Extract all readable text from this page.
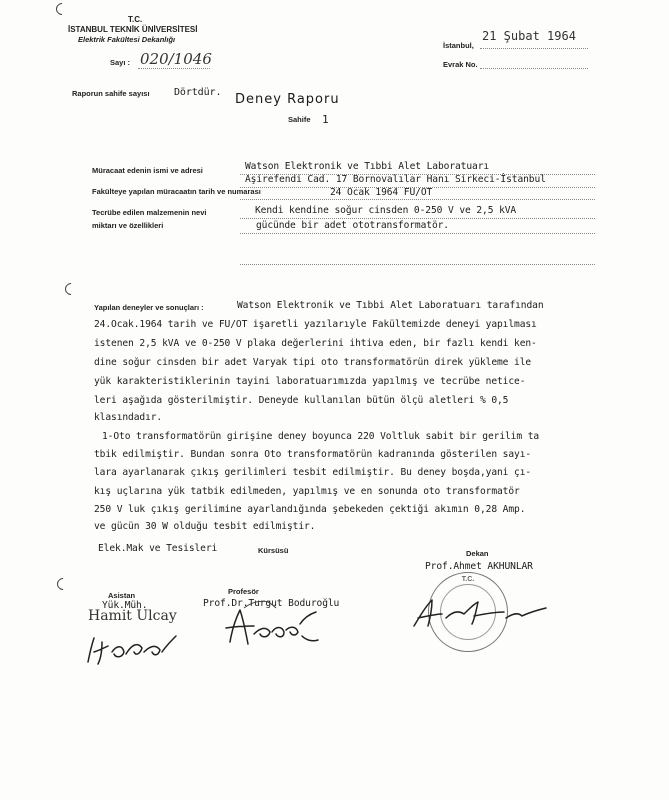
T.C.
İSTANBUL TEKNİK ÜNİVERSİTESİ
Elektrik Fakültesi Dekanlığı
Sayı : 020/1046
İstanbul,
21 Şubat 1964
Evrak No.
Raporun sahife sayısı Dörtdür. Deney Raporu
Sahife 1
Müracaat edenin ismi ve adresi	Watson Elektronik ve Tıbbi Alet Laboratuarı
Aşirefendi Cad. 17 Bornovalılar Hanı Sirkeci-İstanbul
Fakülteye yapılan müracaatın tarih ve numarası	24 Ocak 1964 FU/OT
Tecrübe edilen malzemenin nevi
miktarı ve özellikleri
Kendi kendine soğur cinsden 0-250 V ve 2,5 kVA
gücünde bir adet ototransformatör.
Yapılan deneyler ve sonuçları :	Watson Elektronik ve Tıbbi Alet Laboratuarı tarafından
24.Ocak.1964 tarih ve FU/OT işaretli yazılarıyle Fakültemizde deneyi yapılması
istenen 2,5 kVA ve 0-250 V plaka değerlerini ihtiva eden, bir fazlı kendi ken-
dine soğur cinsden bir adet Varyak tipi oto transformatörün direk yükleme ile
yük karakteristiklerinin tayini laboratuarımızda yapılmış ve tecrübe netice-
leri aşağıda gösterilmiştir. Deneyde kullanılan bütün ölçü aletleri % 0,5
klasındadır.
1-Oto transformatörün girişine deney boyunca 220 Voltluk sabit bir gerilim ta
tbik edilmiştir. Bundan sonra Oto transformatörün kadranında gösterilen sayı-
lara ayarlanarak çıkış gerilimleri tesbit edilmiştir. Bu deney boşda,yani çı-
kış uçlarına yük tatbik edilmeden, yapılmış ve en sonunda oto transformatör
250 V luk çıkış gerilimine ayarlandığında şebekeden çektiği akımın 0,28 Amp.
ve gücün 30 W olduğu tesbit edilmiştir.
Elek.Mak ve Tesisleri	Kürsüsü	Dekan
Prof.Ahmet AKHUNLAR
Asistan
Yük.Müh.
Hamit Ulcay
Profesör
Prof.Dr.Turgut Boduroğlu
T.C.
